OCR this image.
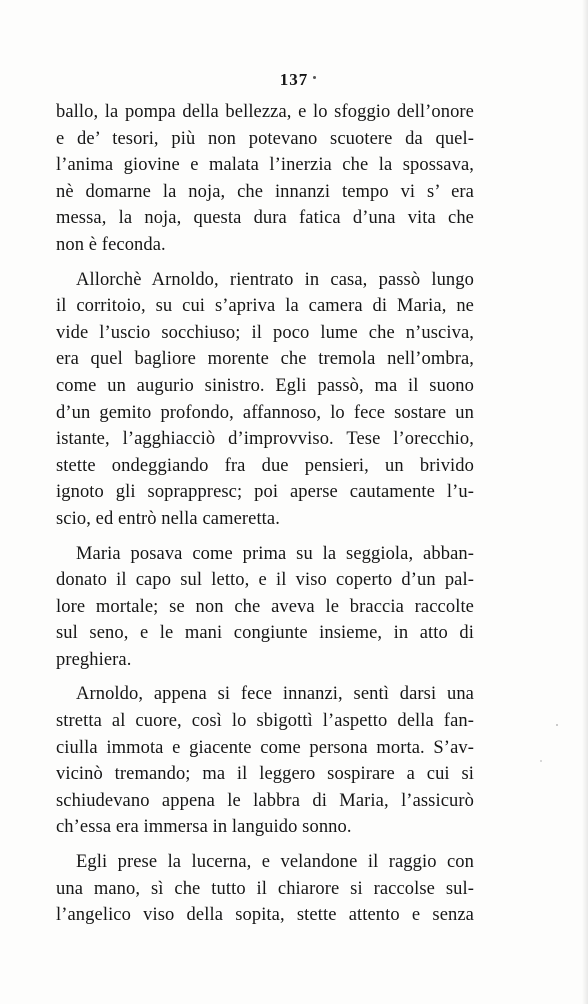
137
ballo, la pompa della bellezza, e lo sfoggio dell’onore
e de’ tesori, più non potevano scuotere da quel-
l’anima giovine e malata l’inerzia che la spossava,
nè domarne la noja, che innanzi tempo vi s’ era
messa, la noja, questa dura fatica d’una vita che
non è feconda.
Allorchè Arnoldo, rientrato in casa, passò lungo
il corritoio, su cui s’apriva la camera di Maria, ne
vide l’uscio socchiuso; il poco lume che n’usciva,
era quel bagliore morente che tremola nell’ombra,
come un augurio sinistro. Egli passò, ma il suono
d’un gemito profondo, affannoso, lo fece sostare un
istante, l’agghiacciò d’improvviso. Tese l’orecchio,
stette ondeggiando fra due pensieri, un brivido
ignoto gli soprappresc; poi aperse cautamente l’u-
scio, ed entrò nella cameretta.
Maria posava come prima su la seggiola, abban-
donato il capo sul letto, e il viso coperto d’un pal-
lore mortale; se non che aveva le braccia raccolte
sul seno, e le mani congiunte insieme, in atto di
preghiera.
Arnoldo, appena si fece innanzi, sentì darsi una
stretta al cuore, così lo sbigottì l’aspetto della fan-
ciulla immota e giacente come persona morta. S’av-
vicinò tremando; ma il leggero sospirare a cui si
schiudevano appena le labbra di Maria, l’assicurò
ch’essa era immersa in languido sonno.
Egli prese la lucerna, e velandone il raggio con
una mano, sì che tutto il chiarore si raccolse sul-
l’angelico viso della sopita, stette attento e senza
